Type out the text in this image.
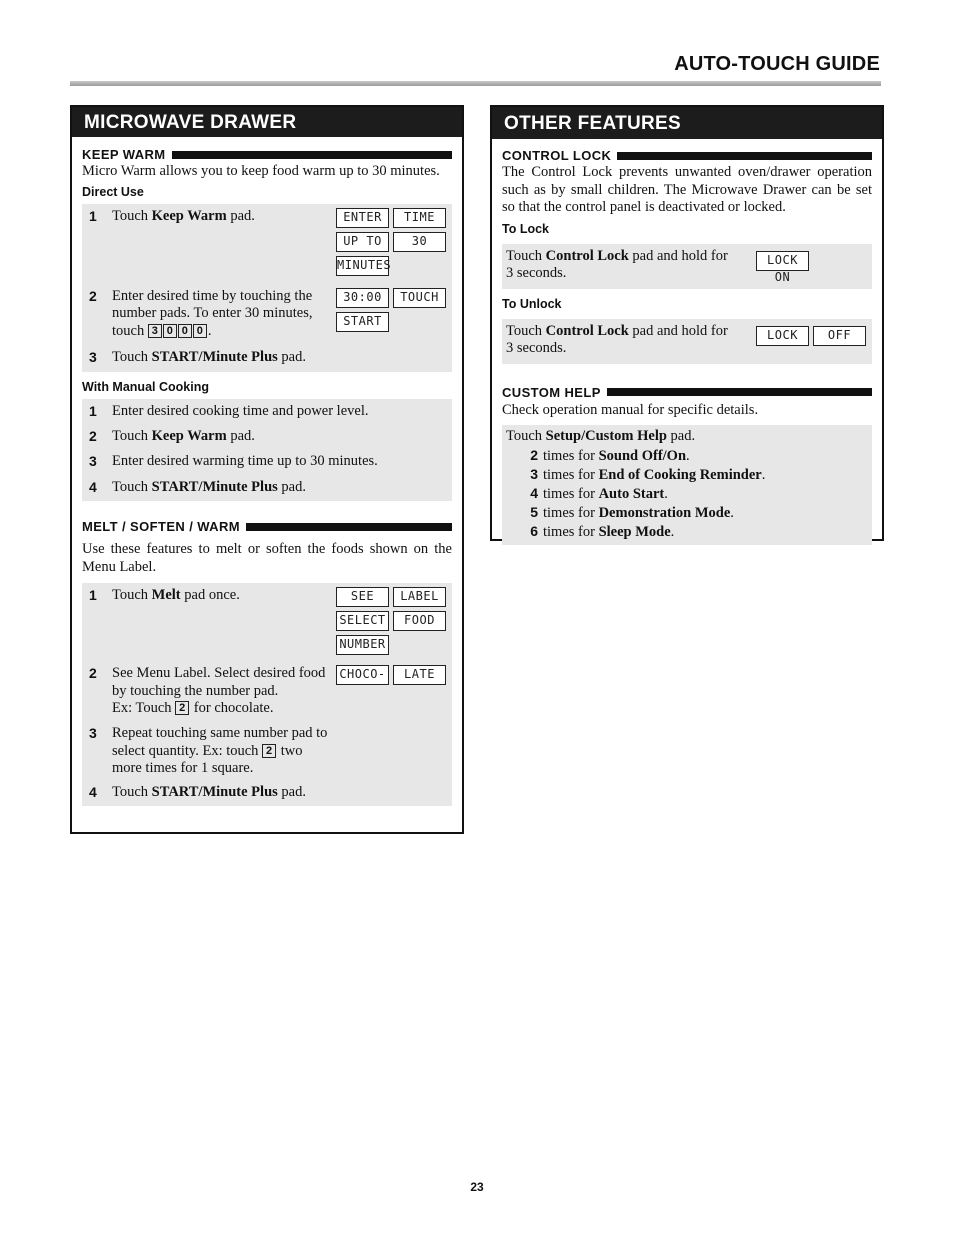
AUTO-TOUCH GUIDE
MICROWAVE DRAWER
KEEP WARM
Micro Warm allows you to keep food warm up to 30 minutes.
Direct Use
1	Touch Keep Warm pad.	ENTER	TIME
UP TO	30
MINUTES
2	Enter desired time by touching the number pads. To enter 30 minutes, touch 3 0 0 0 .
30:00	TOUCH
START
3	Touch START/Minute Plus pad.
With Manual Cooking
1	Enter desired cooking time and power level.
2	Touch Keep Warm pad.
3	Enter desired warming time up to 30 minutes.
4	Touch START/Minute Plus pad.
MELT / SOFTEN / WARM
Use these features to melt or soften the foods shown on the Menu Label.
1	Touch Melt pad once.	SEE	LABEL
SELECT	FOOD
NUMBER
2	See Menu Label. Select desired food by touching the number pad.
Ex: Touch 2 for chocolate.
CHOCO-	LATE
3	Repeat touching same number pad to select quantity. Ex: touch 2 two more times for 1 square.
4	Touch START/Minute Plus pad.
OTHER FEATURES
CONTROL LOCK
The Control Lock prevents unwanted oven/drawer operation such as by small children. The Microwave Drawer can be set so that the control panel is deactivated or locked.
To Lock
Touch Control Lock pad and hold for 3 seconds.
LOCK ON
To Unlock
Touch Control Lock pad and hold for 3 seconds.
LOCK	OFF
CUSTOM HELP
Check operation manual for specific details.
Touch Setup/Custom Help pad.
2 times for Sound Off/On.
3 times for End of Cooking Reminder.
4 times for Auto Start.
5 times for Demonstration Mode.
6 times for Sleep Mode.
23
